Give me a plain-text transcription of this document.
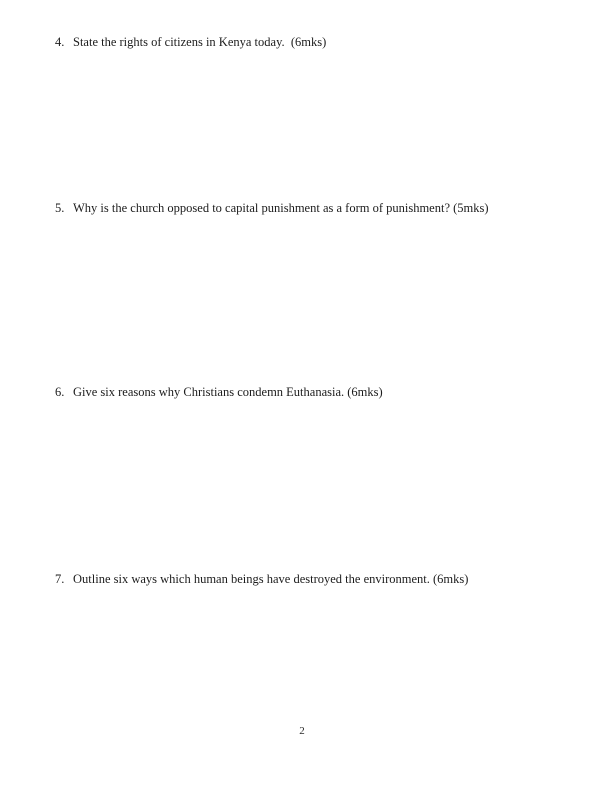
4. State the rights of citizens in Kenya today.  (6mks)
5. Why is the church opposed to capital punishment as a form of punishment? (5mks)
6. Give six reasons why Christians condemn Euthanasia. (6mks)
7. Outline six ways which human beings have destroyed the environment. (6mks)
2
